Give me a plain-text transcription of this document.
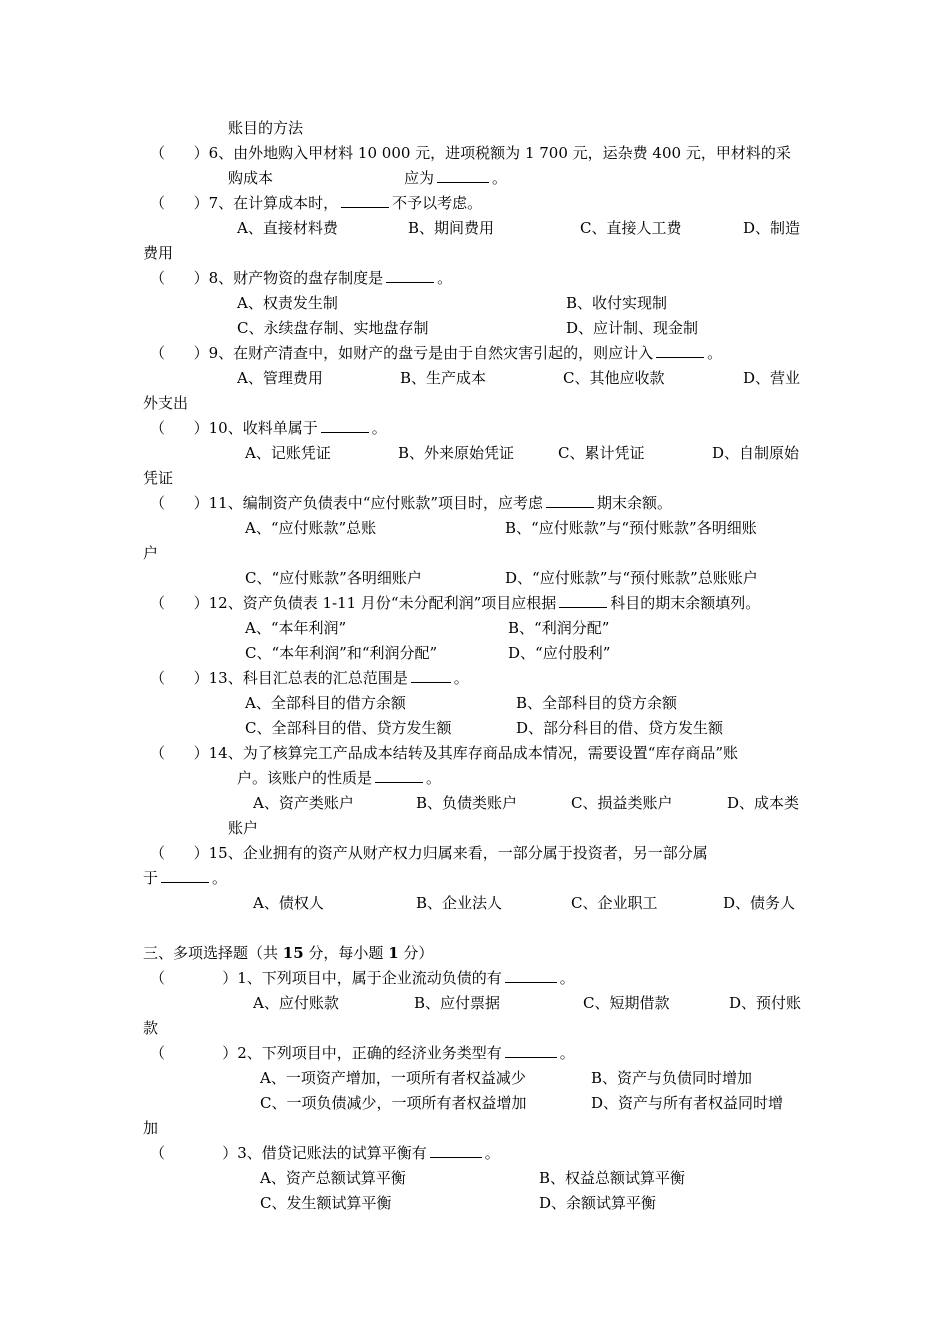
账目的方法
（      ）6、由外地购入甲材料 10 000 元，进项税额为 1 700 元，运杂费 400 元，甲材料的采
购成本	应为	。
（      ）7、在计算成本时，	不予以考虑。
A、直接材料费	B、期间费用	C、直接人工费	D、制造
费用
（      ）8、财产物资的盘存制度是	。
A、权责发生制	B、收付实现制
C、永续盘存制、实地盘存制	D、应计制、现金制
（      ）9、在财产清查中，如财产的盘亏是由于自然灾害引起的，则应计入	。
A、管理费用	B、生产成本	C、其他应收款	D、营业
外支出
（      ）10、收料单属于	。
A、记账凭证	B、外来原始凭证	C、累计凭证	D、自制原始
凭证
（      ）11、编制资产负债表中“应付账款”项目时，应考虑	期末余额。
A、“应付账款”总账	B、“应付账款”与“预付账款”各明细账
户
C、“应付账款”各明细账户	D、“应付账款”与“预付账款”总账账户
（      ）12、资产负债表 1-11 月份“未分配利润”项目应根据	科目的期末余额填列。
A、“本年利润”	B、“利润分配”
C、“本年利润”和“利润分配”	D、“应付股利”
（      ）13、科目汇总表的汇总范围是	。
A、全部科目的借方余额	B、全部科目的贷方余额
C、全部科目的借、贷方发生额	D、部分科目的借、贷方发生额
（      ）14、为了核算完工产品成本结转及其库存商品成本情况，需要设置“库存商品”账
户。该账户的性质是	。
A、资产类账户	B、负债类账户	C、损益类账户	D、成本类
账户
（      ）15、企业拥有的资产从财产权力归属来看，一部分属于投资者，另一部分属
于	。
A、债权人	B、企业法人	C、企业职工	D、债务人
三、多项选择题（共 15 分，每小题 1 分）
（            ）1、下列项目中，属于企业流动负债的有	。
A、应付账款	B、应付票据	C、短期借款	D、预付账
款
（            ）2、下列项目中，正确的经济业务类型有	。
A、一项资产增加，一项所有者权益减少	B、资产与负债同时增加
C、一项负债减少，一项所有者权益增加	D、资产与所有者权益同时增
加
（            ）3、借贷记账法的试算平衡有	。
A、资产总额试算平衡	B、权益总额试算平衡
C、发生额试算平衡	D、余额试算平衡
